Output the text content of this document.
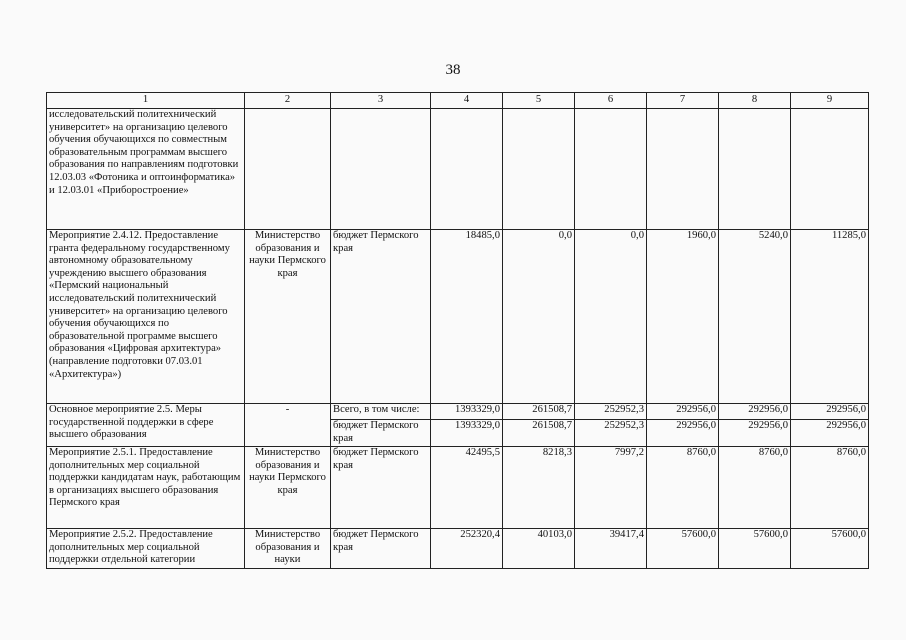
38
1	2	3	4	5	6	7	8	9
исследовательский политехнический университет» на организацию целевого обучения обучающихся по совместным образовательным программам высшего образования по направлениям подготовки 12.03.03 «Фотоника и оптоинформатика» и 12.03.01 «Приборостроение»								
Мероприятие 2.4.12. Предоставление гранта федеральному государственному автономному образовательному учреждению высшего образования «Пермский национальный исследовательский политехнический университет» на организацию целевого обучения обучающихся по образовательной программе высшего образования «Цифровая архитектура» (направление подготовки 07.03.01 «Архитектура»)	Министерство образования и науки Пермского края	бюджет Пермского края	18485,0	0,0	0,0	1960,0	5240,0	11285,0
Основное мероприятие 2.5. Меры государственной поддержки в сфере высшего образования	-	Всего, в том числе:	1393329,0	261508,7	252952,3	292956,0	292956,0	292956,0
		бюджет Пермского края	1393329,0	261508,7	252952,3	292956,0	292956,0	292956,0
Мероприятие 2.5.1. Предоставление дополнительных мер социальной поддержки кандидатам наук, работающим в организациях высшего образования Пермского края	Министерство образования и науки Пермского края	бюджет Пермского края	42495,5	8218,3	7997,2	8760,0	8760,0	8760,0
Мероприятие 2.5.2. Предоставление дополнительных мер социальной поддержки отдельной категории	Министерство образования и науки	бюджет Пермского края	252320,4	40103,0	39417,4	57600,0	57600,0	57600,0
